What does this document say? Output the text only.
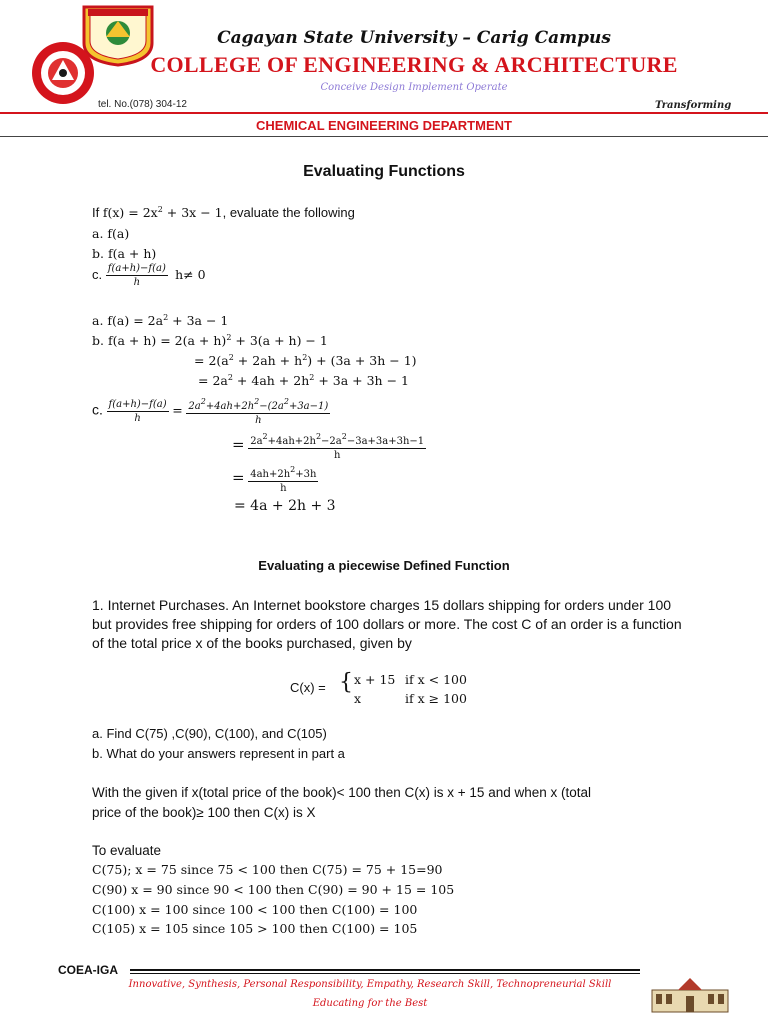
Cagayan State University – Carig Campus
COLLEGE OF ENGINEERING & ARCHITECTURE
Conceive Design Implement Operate
tel. No.(078) 304-12	Transforming
CHEMICAL ENGINEERING DEPARTMENT
Evaluating Functions
If $f(x) = 2x^2 + 3x - 1$, evaluate the following
a. f(a)
b. f(a + h)
c. $\frac{f(a+h)-f(a)}{h} h\ne 0$
a. $f(a) = 2a^2 + 3a - 1$
b. $f(a + h) = 2(a + h)^2 + 3(a + h) - 1$
= $2(a^2 + 2ah + h^2) + (3a + 3h - 1)$
= $2a^2 + 4ah + 2h^2 + 3a + 3h - 1$
c. $\frac{f(a+h)-f(a)}{h} = \frac{2a^2+4ah+2h^2-(2a^2+3a-1)}{h}$
= $\frac{2a^2+4ah+2h^2-2a^2-3a+3a+3h-1}{h}$
= $\frac{4ah+2h^2+3h}{h}$
= 4a + 2h + 3
Evaluating a piecewise Defined Function
1. Internet Purchases. An Internet bookstore charges 15 dollars shipping for orders under 100 but provides free shipping for orders of 100 dollars or more. The cost C of an order is a function of the total price x of the books purchased, given by
C(x) = { x + 15 if x < 100
x	if x ≥ 100
a. Find C(75) ,C(90), C(100), and C(105)
b. What do your answers represent in part a
With the given if x(total price of the book)< 100 then C(x) is x + 15 and when x (total
price of the book)≥ 100 then C(x) is X
To evaluate
C(75); x = 75 since 75 < 100 then C(75) = 75 + 15=90
C(90) x = 90 since 90 < 100 then C(90) = 90 + 15 = 105
C(100) x = 100 since 100 < 100 then C(100) = 100
C(105) x = 105 since 105 > 100 then C(100) = 105
COEA-IGA
Innovative, Synthesis, Personal Responsibility, Empathy, Research Skill, Technopreneurial Skill
Educating for the Best
